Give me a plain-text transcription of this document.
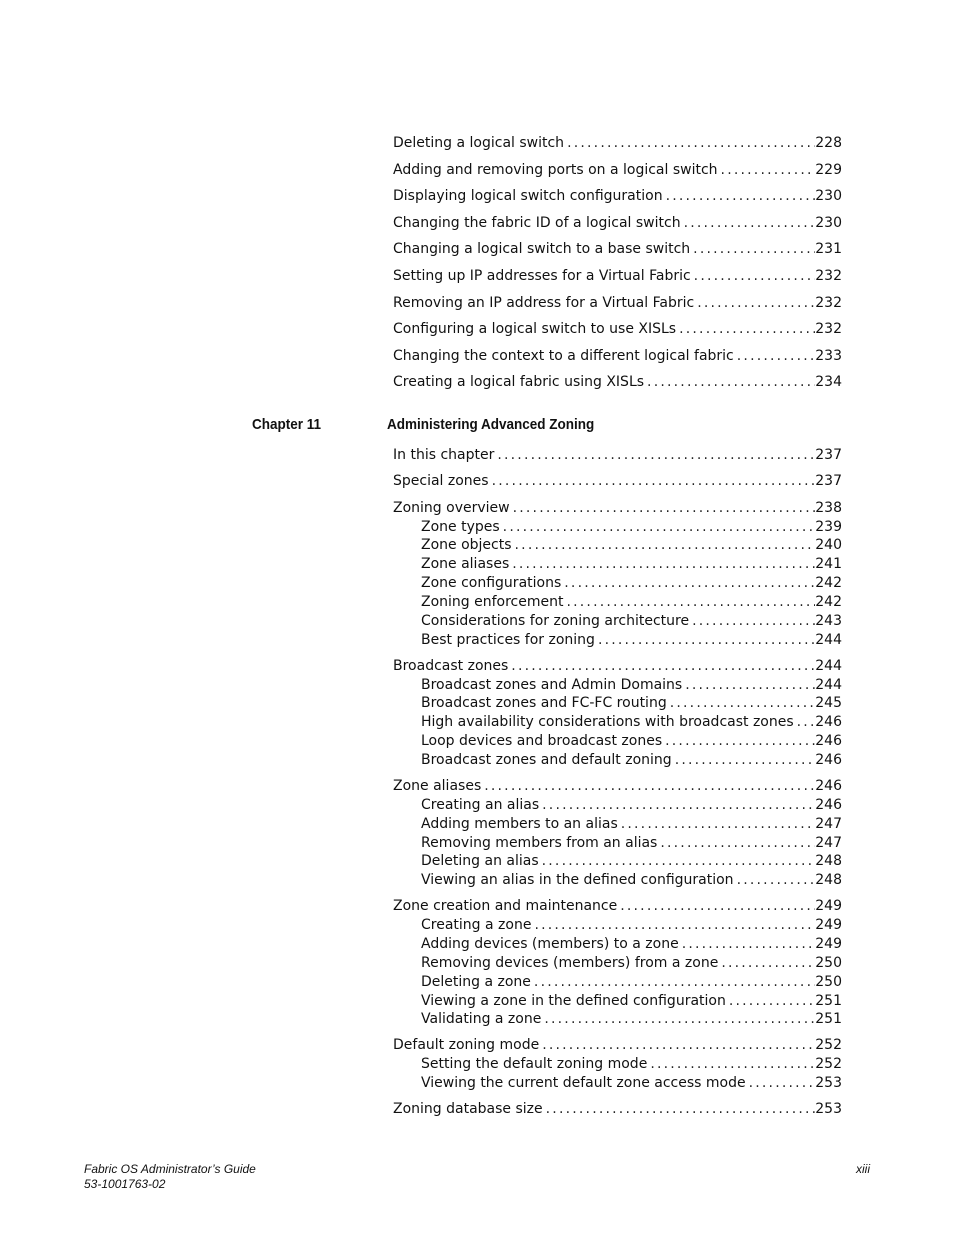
Chapter 11	Administering Advanced Zoning
Deleting a logical switch .....	228
Adding and removing ports on a logical switch .....	229
Displaying logical switch configuration .....	230
Changing the fabric ID of a logical switch .....	230
Changing a logical switch to a base switch .....	231
Setting up IP addresses for a Virtual Fabric .....	232
Removing an IP address for a Virtual Fabric .....	232
Configuring a logical switch to use XISLs .....	232
Changing the context to a different logical fabric .....	233
Creating a logical fabric using XISLs .....	234
In this chapter .....	237
Special zones .....	237
Zoning overview .....	238
Zone types .....	239
Zone objects .....	240
Zone aliases .....	241
Zone configurations .....	242
Zoning enforcement .....	242
Considerations for zoning architecture .....	243
Best practices for zoning .....	244
Broadcast zones .....	244
Broadcast zones and Admin Domains .....	244
Broadcast zones and FC-FC routing .....	245
High availability considerations with broadcast zones ..... 246
Loop devices and broadcast zones .....	246
Broadcast zones and default zoning .....	246
Zone aliases .....	246
Creating an alias .....	246
Adding members to an alias .....	247
Removing members from an alias .....	247
Deleting an alias .....	248
Viewing an alias in the defined configuration .....	248
Zone creation and maintenance .....	249
Creating a zone .....	249
Adding devices (members) to a zone .....	249
Removing devices (members) from a zone .....	250
Deleting a zone .....	250
Viewing a zone in the defined configuration .....	251
Validating a zone .....	251
Default zoning mode .....	252
Setting the default zoning mode .....	252
Viewing the current default zone access mode .....	253
Zoning database size .....	253
Fabric OS Administrator’s Guide
53-1001763-02
xiii
